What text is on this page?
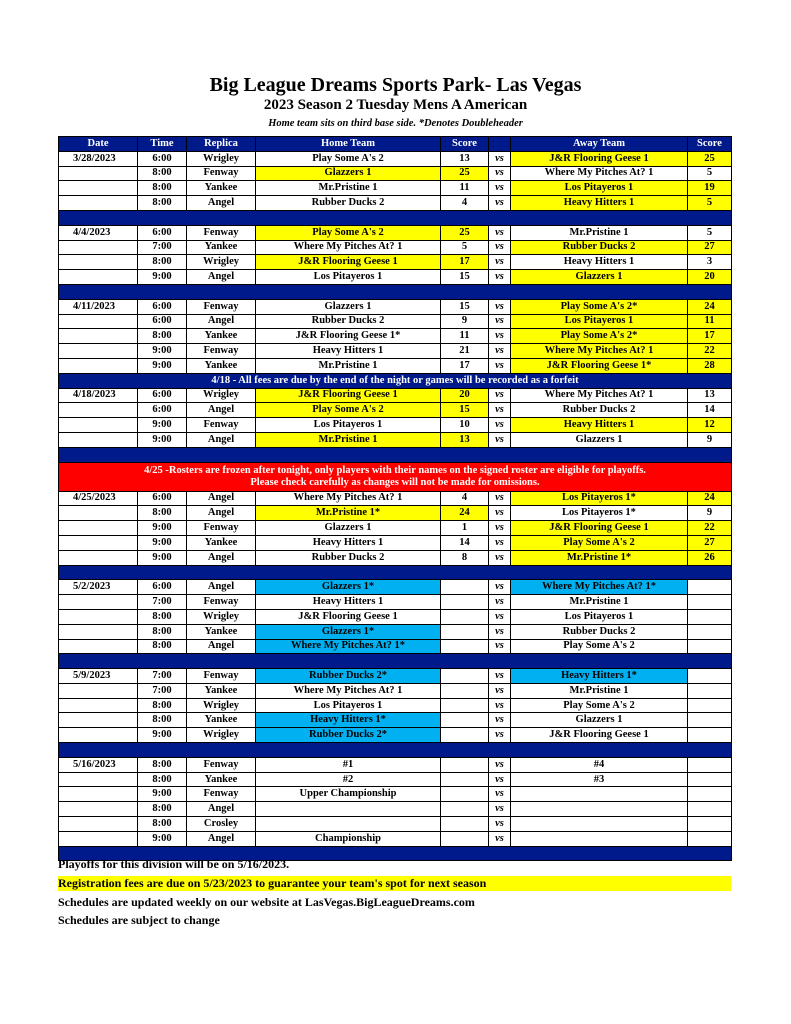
Big League Dreams Sports Park- Las Vegas
2023 Season 2 Tuesday Mens A American
Home team sits on third base side. *Denotes Doubleheader
Date	Time	Replica	Home Team	Score		Away Team	Score
3/28/2023	6:00	Wrigley	Play Some A's 2	13	vs	J&R Flooring Geese 1	25
	8:00	Fenway	Glazzers 1	25	vs	Where My Pitches At? 1	5
	8:00	Yankee	Mr.Pristine 1	11	vs	Los Pitayeros 1	19
	8:00	Angel	Rubber Ducks 2	4	vs	Heavy Hitters 1	5

4/4/2023	6:00	Fenway	Play Some A's 2	25	vs	Mr.Pristine 1	5
	7:00	Yankee	Where My Pitches At? 1	5	vs	Rubber Ducks 2	27
	8:00	Wrigley	J&R Flooring Geese 1	17	vs	Heavy Hitters 1	3
	9:00	Angel	Los Pitayeros 1	15	vs	Glazzers 1	20

4/11/2023	6:00	Fenway	Glazzers 1	15	vs	Play Some A's 2*	24
	6:00	Angel	Rubber Ducks 2	9	vs	Los Pitayeros 1	11
	8:00	Yankee	J&R Flooring Geese 1*	11	vs	Play Some A's 2*	17
	9:00	Fenway	Heavy Hitters 1	21	vs	Where My Pitches At? 1	22
	9:00	Yankee	Mr.Pristine 1	17	vs	J&R Flooring Geese 1*	28
4/18 - All fees are due by the end of the night or games will be recorded as a forfeit							
4/18/2023	6:00	Wrigley	J&R Flooring Geese 1	20	vs	Where My Pitches At? 1	13
	6:00	Angel	Play Some A's 2	15	vs	Rubber Ducks 2	14
	9:00	Fenway	Los Pitayeros 1	10	vs	Heavy Hitters 1	12
	9:00	Angel	Mr.Pristine 1	13	vs	Glazzers 1	9

4/25 -Rosters are frozen after tonight, only players with their names on the signed roster are eligible for playoffs.
Please check carefully as changes will not be made for omissions.							

4/25/2023	6:00	Angel	Where My Pitches At? 1	4	vs	Los Pitayeros 1*	24
	8:00	Angel	Mr.Pristine 1*	24	vs	Los Pitayeros 1*	9
	9:00	Fenway	Glazzers 1	1	vs	J&R Flooring Geese 1	22
	9:00	Yankee	Heavy Hitters 1	14	vs	Play Some A's 2	27
	9:00	Angel	Rubber Ducks 2	8	vs	Mr.Pristine 1*	26

5/2/2023	6:00	Angel	Glazzers 1*		vs	Where My Pitches At? 1*	
	7:00	Fenway	Heavy Hitters 1		vs	Mr.Pristine 1	
	8:00	Wrigley	J&R Flooring Geese 1		vs	Los Pitayeros 1	
	8:00	Yankee	Glazzers 1*		vs	Rubber Ducks 2	
	8:00	Angel	Where My Pitches At? 1*		vs	Play Some A's 2	

5/9/2023	7:00	Fenway	Rubber Ducks 2*		vs	Heavy Hitters 1*	
	7:00	Yankee	Where My Pitches At? 1		vs	Mr.Pristine 1	
	8:00	Wrigley	Los Pitayeros 1		vs	Play Some A's 2	
	8:00	Yankee	Heavy Hitters 1*		vs	Glazzers 1	
	9:00	Wrigley	Rubber Ducks 2*		vs	J&R Flooring Geese 1	

5/16/2023	8:00	Fenway	#1		vs	#4	
	8:00	Yankee	#2		vs	#3	
	9:00	Fenway	Upper Championship		vs		
	8:00	Angel			vs		
	8:00	Crosley			vs		
	9:00	Angel	Championship		vs		

Playoffs for this division will be on 5/16/2023.
Registration fees are due on 5/23/2023 to guarantee your team's spot for next season
Schedules are updated weekly on our website at LasVegas.BigLeagueDreams.com
Schedules are subject to change
